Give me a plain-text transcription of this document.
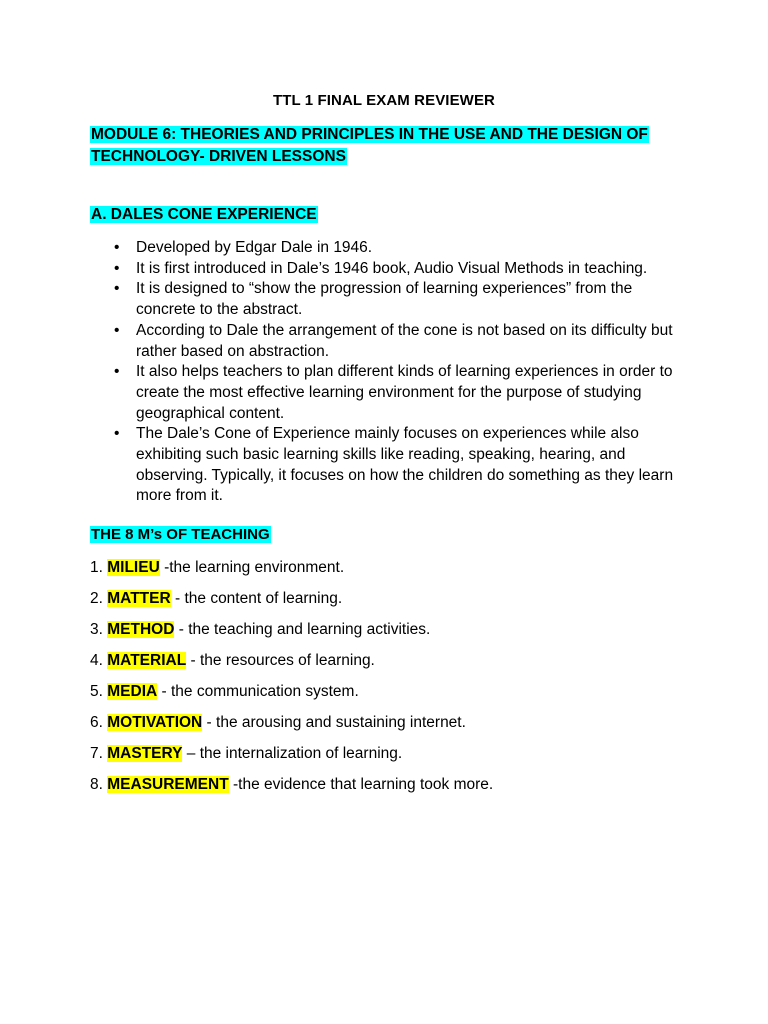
TTL 1 FINAL EXAM REVIEWER
MODULE 6: THEORIES AND PRINCIPLES IN THE USE AND THE DESIGN OF
TECHNOLOGY- DRIVEN LESSONS
A. DALES CONE EXPERIENCE
• Developed by Edgar Dale in 1946.
• It is first introduced in Dale’s 1946 book, Audio Visual Methods in teaching.
• It is designed to “show the progression of learning experiences” from the concrete to the abstract.
• According to Dale the arrangement of the cone is not based on its difficulty but rather based on abstraction.
• It also helps teachers to plan different kinds of learning experiences in order to create the most effective learning environment for the purpose of studying geographical content.
• The Dale’s Cone of Experience mainly focuses on experiences while also exhibiting such basic learning skills like reading, speaking, hearing, and observing. Typically, it focuses on how the children do something as they learn more from it.
THE 8 M’s OF TEACHING
1. MILIEU -the learning environment.
2. MATTER - the content of learning.
3. METHOD - the teaching and learning activities.
4. MATERIAL - the resources of learning.
5. MEDIA - the communication system.
6. MOTIVATION - the arousing and sustaining internet.
7. MASTERY – the internalization of learning.
8. MEASUREMENT -the evidence that learning took more.
